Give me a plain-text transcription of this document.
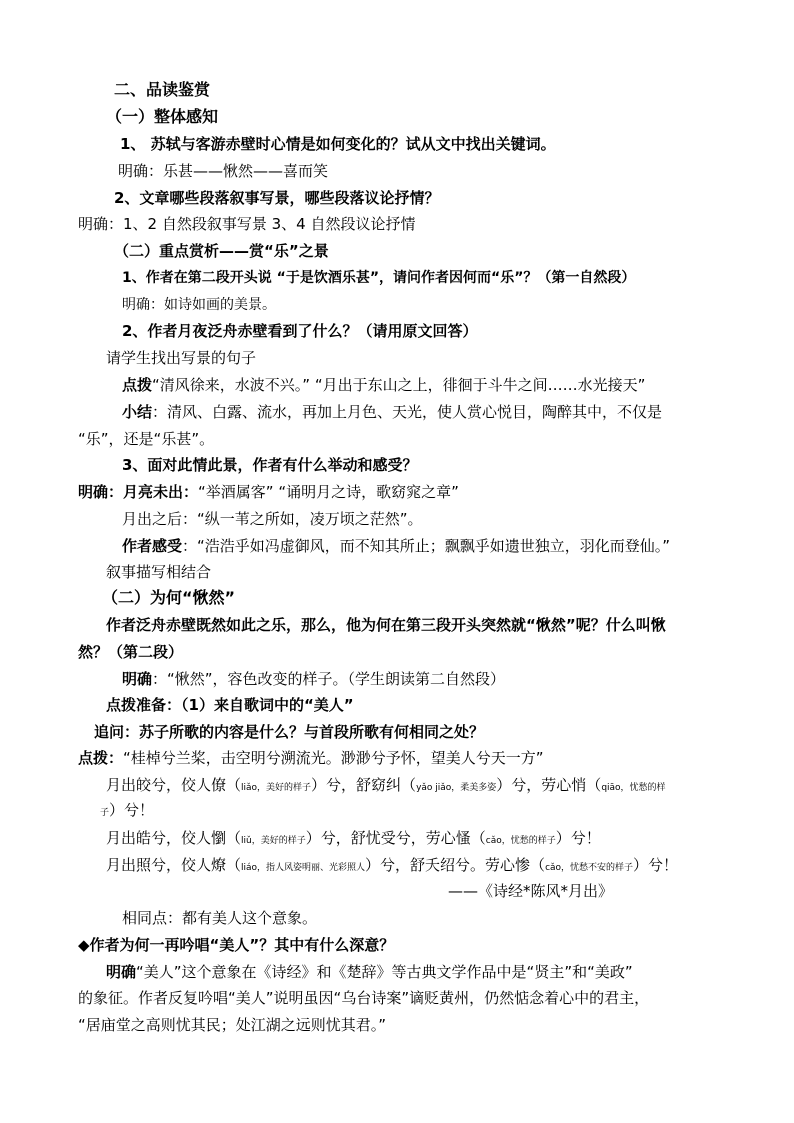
二、品读鉴赏
（一）整体感知
1、 苏轼与客游赤壁时心情是如何变化的？试从文中找出关键词。
明确：乐甚——愀然——喜而笑
2、文章哪些段落叙事写景，哪些段落议论抒情？
明确：1、2 自然段叙事写景 3、4 自然段议论抒情
（二）重点赏析——赏“乐”之景
1、作者在第二段开头说 “于是饮酒乐甚”，请问作者因何而“乐”？（第一自然段）
明确：如诗如画的美景。
2、作者月夜泛舟赤壁看到了什么？（请用原文回答）
请学生找出写景的句子
点拨“清风徐来，水波不兴。” “月出于东山之上，徘徊于斗牛之间……水光接天”
小结：清风、白露、流水，再加上月色、天光，使人赏心悦目，陶醉其中，不仅是
“乐”，还是“乐甚”。
3、面对此情此景，作者有什么举动和感受？
明确：月亮未出：“举酒属客” “诵明月之诗，歌窈窕之章”
月出之后：“纵一苇之所如，凌万顷之茫然”。
作者感受：“浩浩乎如冯虚御风，而不知其所止；飘飘乎如遗世独立，羽化而登仙。”
叙事描写相结合
（二）为何“愀然”
作者泛舟赤壁既然如此之乐，那么，他为何在第三段开头突然就“愀然”呢？什么叫愀
然？（第二段）
明确：“愀然”，容色改变的样子。（学生朗读第二自然段）
点拨准备：（1）来自歌词中的“美人”
追问：苏子所歌的内容是什么？与首段所歌有何相同之处？
点拨：“桂棹兮兰桨，击空明兮溯流光。渺渺兮予怀，望美人兮天一方”
月出皎兮，佼人僚（liǎo，美好的样子）兮，舒窈纠（yǎo jiǎo，柔美多姿）兮，劳心悄（qiāo，忧愁的样
子）兮！
月出皓兮，佼人懰（liǔ，美好的样子）兮，舒忧受兮，劳心慅（cǎo，忧愁的样子）兮！
月出照兮，佼人燎（liáo，指人风姿明丽、光彩照人）兮，舒夭绍兮。劳心惨（cǎo，忧愁不安的样子）兮！
——《诗经*陈风*月出》
相同点：都有美人这个意象。
◆作者为何一再吟唱“美人”？其中有什么深意？
明确“美人”这个意象在《诗经》和《楚辞》等古典文学作品中是“贤主”和“美政”
的象征。作者反复吟唱“美人”说明虽因“乌台诗案”谪贬黄州，仍然惦念着心中的君主，
“居庙堂之高则忧其民；处江湖之远则忧其君。”
